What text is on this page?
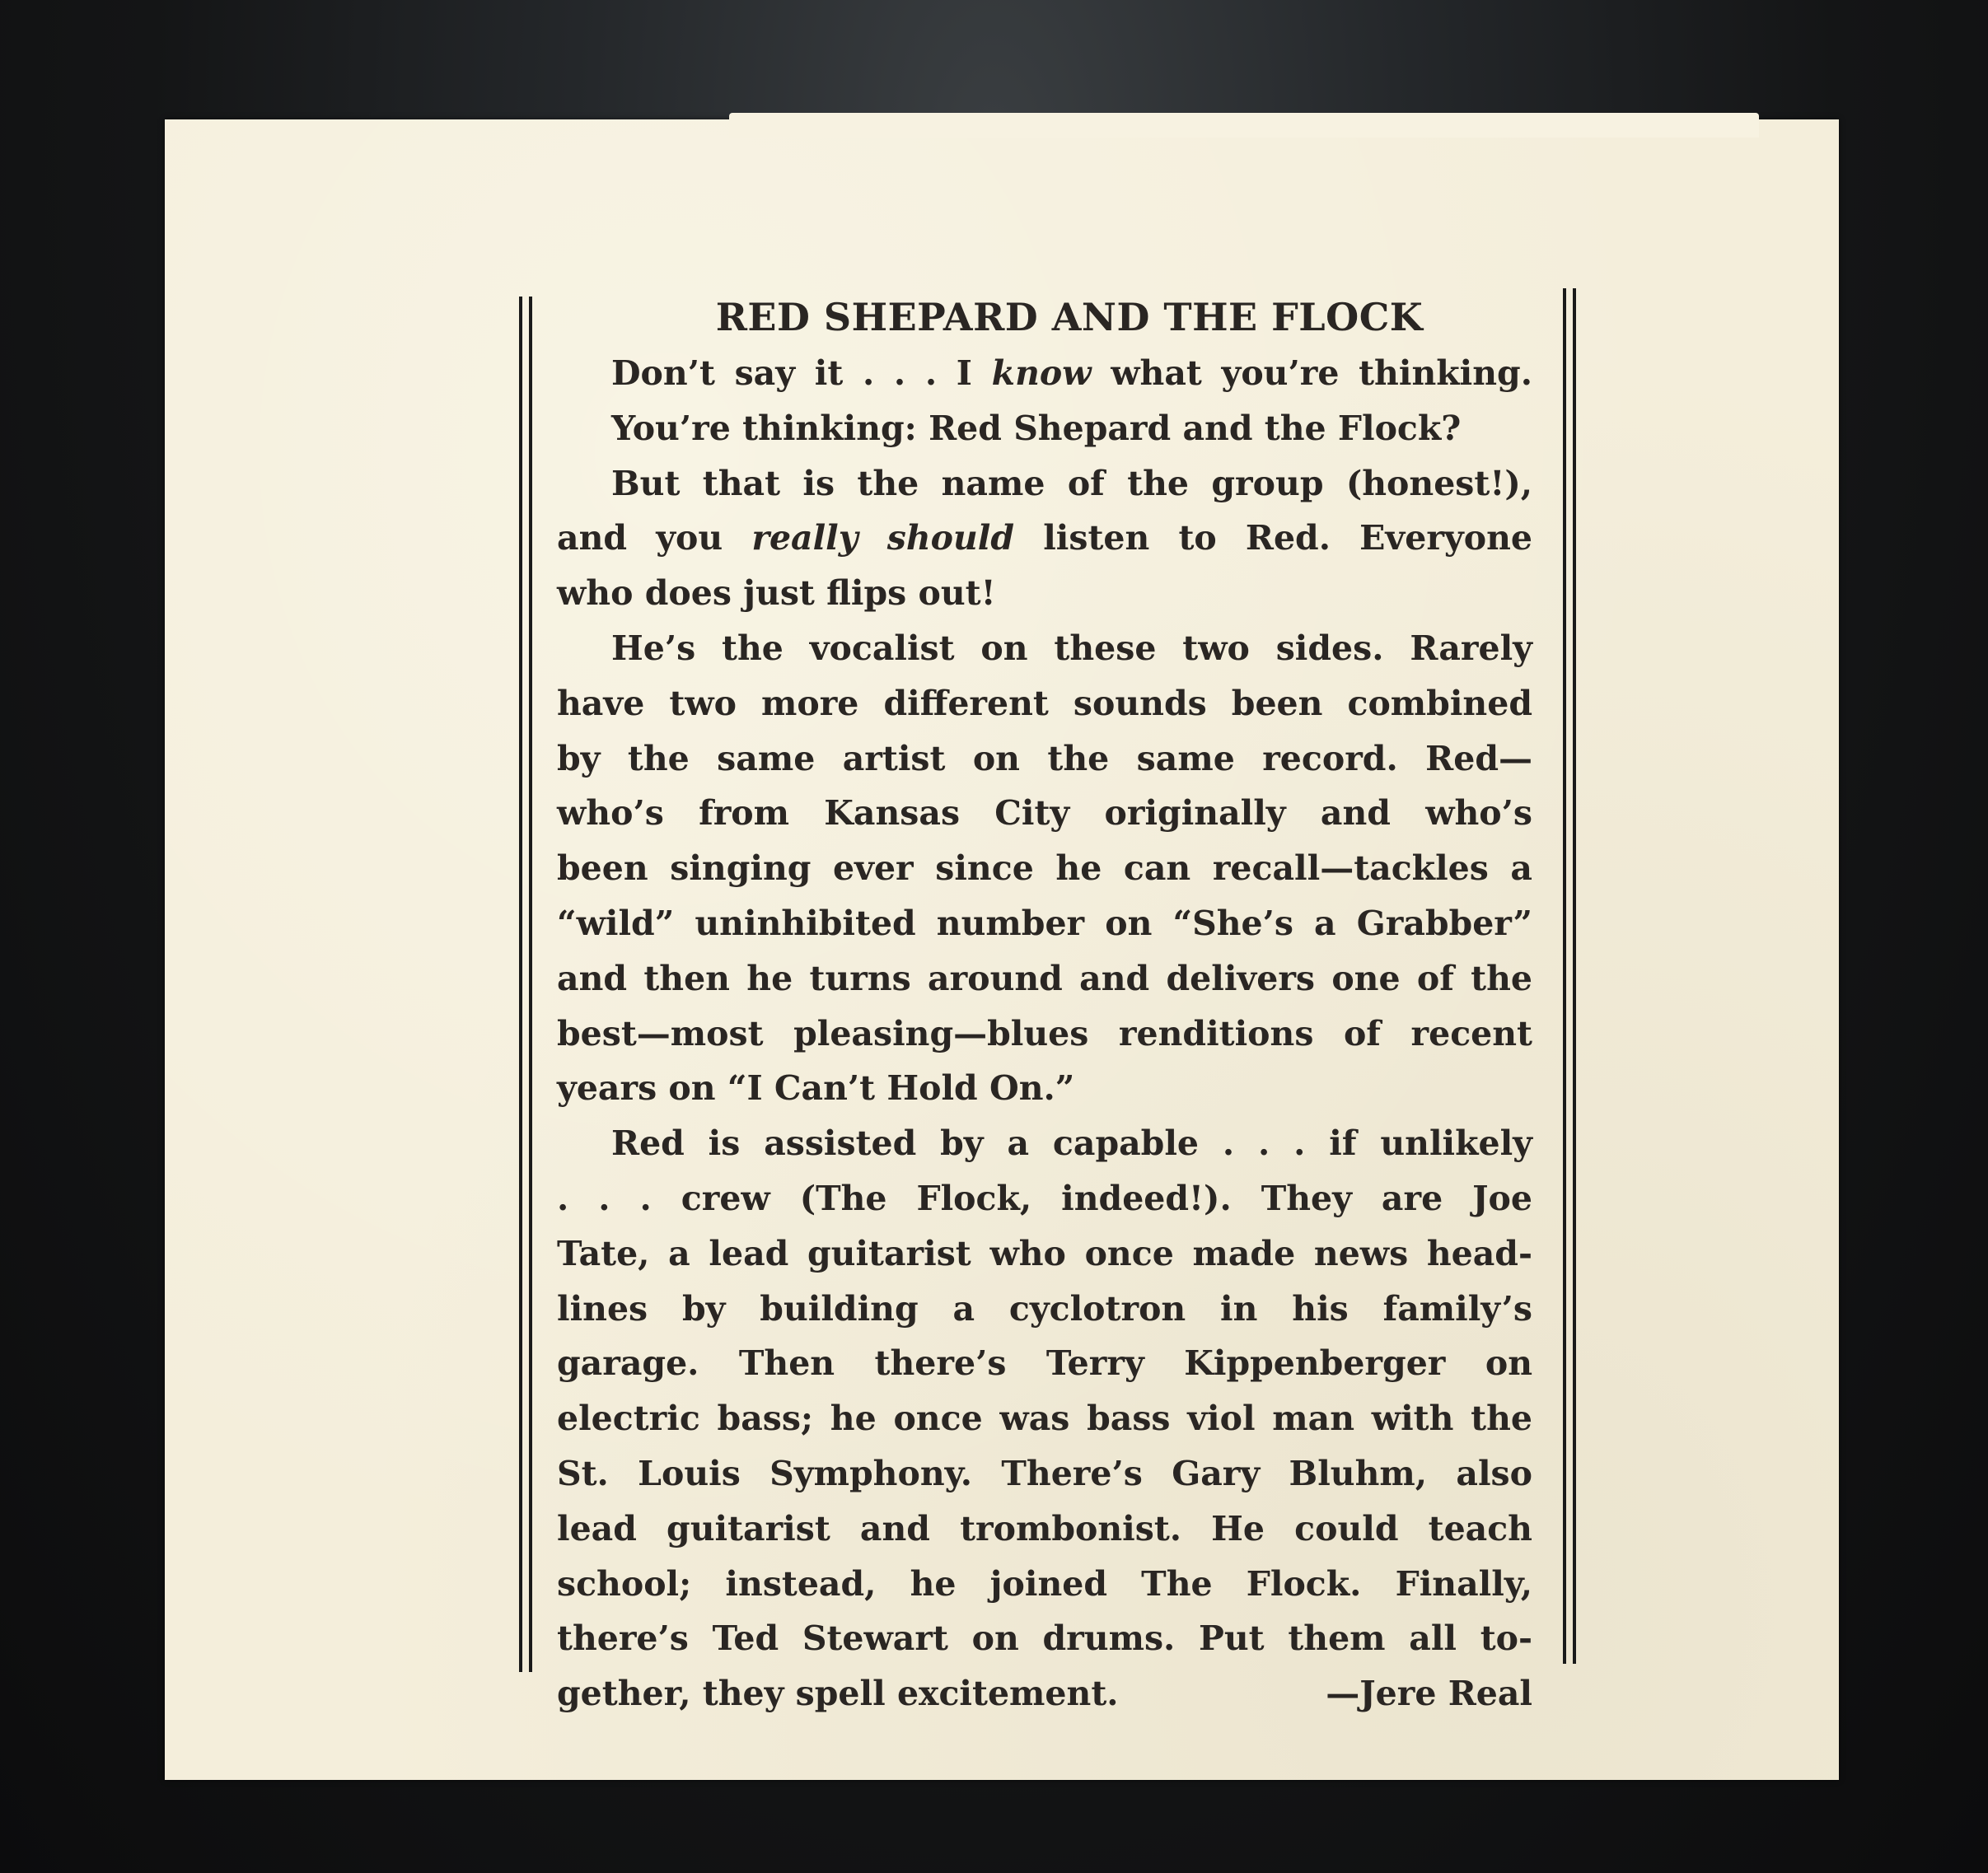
RED SHEPARD AND THE FLOCK
Don’t say it . . . I know what you’re thinking.
You’re thinking: Red Shepard and the Flock?
But that is the name of the group (honest!),
and you really should listen to Red. Everyone
who does just flips out!
He’s the vocalist on these two sides. Rarely
have two more different sounds been combined
by the same artist on the same record. Red—
who’s from Kansas City originally and who’s
been singing ever since he can recall—tackles a
“wild” uninhibited number on “She’s a Grabber”
and then he turns around and delivers one of the
best—most pleasing—blues renditions of recent
years on “I Can’t Hold On.”
Red is assisted by a capable . . . if unlikely
. . . crew (The Flock, indeed!). They are Joe
Tate, a lead guitarist who once made news head-
lines by building a cyclotron in his family’s
garage. Then there’s Terry Kippenberger on
electric bass; he once was bass viol man with the
St. Louis Symphony. There’s Gary Bluhm, also
lead guitarist and trombonist. He could teach
school; instead, he joined The Flock. Finally,
there’s Ted Stewart on drums. Put them all to-
gether, they spell excitement.	—Jere Real
